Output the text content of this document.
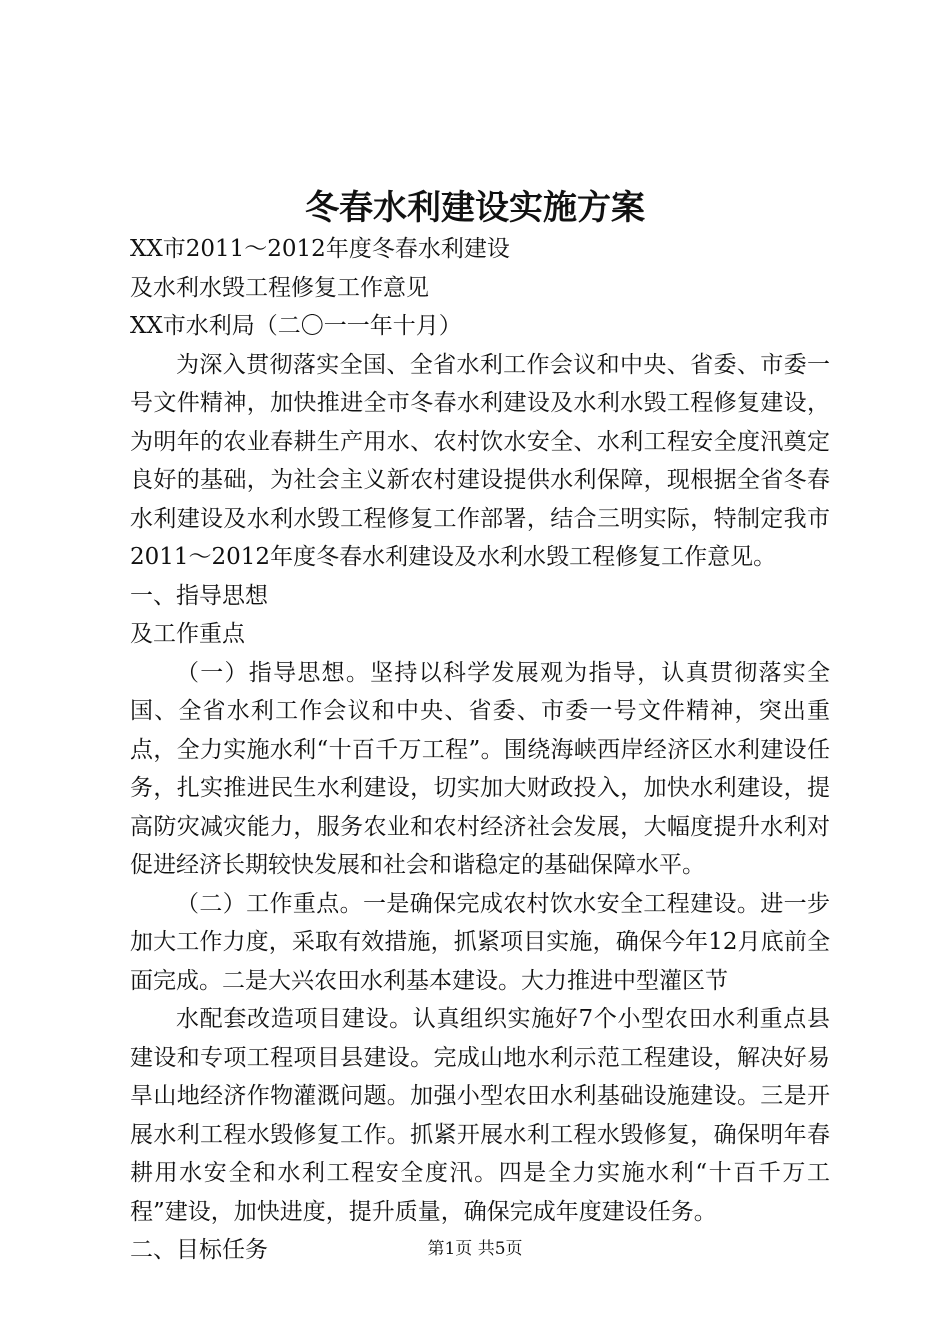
冬春水利建设实施方案

XX市2011～2012年度冬春水利建设

及水利水毁工程修复工作意见

XX市水利局（二〇一一年十月）

为深入贯彻落实全国、全省水利工作会议和中央、省委、市委一号文件精神，加快推进全市冬春水利建设及水利水毁工程修复建设，为明年的农业春耕生产用水、农村饮水安全、水利工程安全度汛奠定良好的基础，为社会主义新农村建设提供水利保障，现根据全省冬春水利建设及水利水毁工程修复工作部署，结合三明实际，特制定我市2011～2012年度冬春水利建设及水利水毁工程修复工作意见。

一、指导思想

及工作重点

（一）指导思想。坚持以科学发展观为指导，认真贯彻落实全国、全省水利工作会议和中央、省委、市委一号文件精神，突出重点，全力实施水利“十百千万工程”。围绕海峡西岸经济区水利建设任务，扎实推进民生水利建设，切实加大财政投入，加快水利建设，提高防灾减灾能力，服务农业和农村经济社会发展，大幅度提升水利对促进经济长期较快发展和社会和谐稳定的基础保障水平。

（二）工作重点。一是确保完成农村饮水安全工程建设。进一步加大工作力度，采取有效措施，抓紧项目实施，确保今年12月底前全面完成。二是大兴农田水利基本建设。大力推进中型灌区节

水配套改造项目建设。认真组织实施好7个小型农田水利重点县建设和专项工程项目县建设。完成山地水利示范工程建设，解决好易旱山地经济作物灌溉问题。加强小型农田水利基础设施建设。三是开展水利工程水毁修复工作。抓紧开展水利工程水毁修复，确保明年春耕用水安全和水利工程安全度汛。四是全力实施水利“十百千万工程”建设，加快进度，提升质量，确保完成年度建设任务。

二、目标任务	第1页 共5页
